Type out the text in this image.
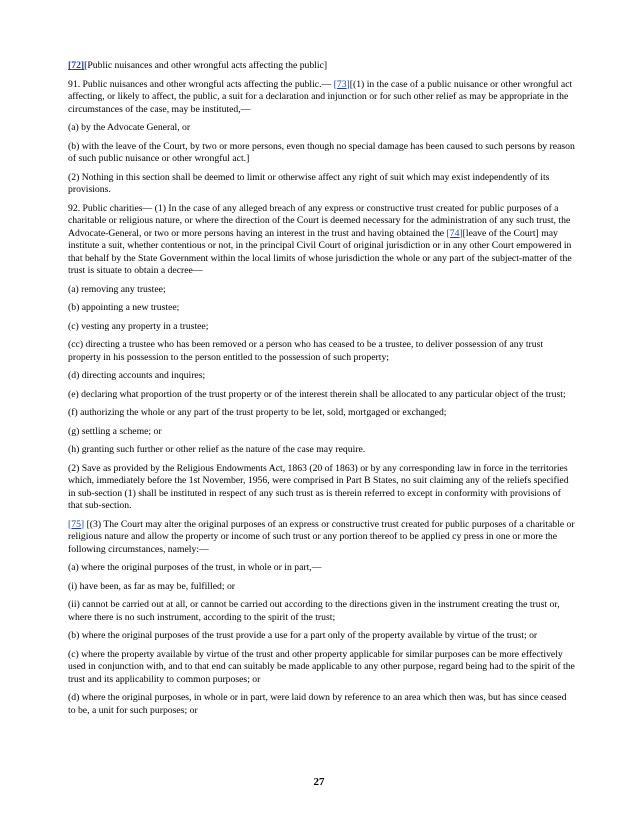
[72][Public nuisances and other wrongful acts affecting the public]

91. Public nuisances and other wrongful acts affecting the public.— [73][(1) in the case of a public nuisance or other wrongful act affecting, or likely to affect, the public, a suit for a declaration and injunction or for such other relief as may be appropriate in the circumstances of the case, may be instituted,—

(a) by the Advocate General, or

(b) with the leave of the Court, by two or more persons, even though no special damage has been caused to such persons by reason of such public nuisance or other wrongful act.]

(2) Nothing in this section shall be deemed to limit or otherwise affect any right of suit which may exist independently of its provisions.

92. Public charities— (1) In the case of any alleged breach of any express or constructive trust created for public purposes of a charitable or religious nature, or where the direction of the Court is deemed necessary for the administration of any such trust, the Advocate-General, or two or more persons having an interest in the trust and having obtained the [74][leave of the Court] may institute a suit, whether contentious or not, in the principal Civil Court of original jurisdiction or in any other Court empowered in that behalf by the State Government within the local limits of whose jurisdiction the whole or any part of the subject-matter of the trust is situate to obtain a decree—

(a) removing any trustee;

(b) appointing a new trustee;

(c) vesting any property in a trustee;

(cc) directing a trustee who has been removed or a person who has ceased to be a trustee, to deliver possession of any trust property in his possession to the person entitled to the possession of such property;

(d) directing accounts and inquires;

(e) declaring what proportion of the trust property or of the interest therein shall be allocated to any particular object of the trust;

(f) authorizing the whole or any part of the trust property to be let, sold, mortgaged or exchanged;

(g) settling a scheme; or

(h) granting such further or other relief as the nature of the case may require.

(2) Save as provided by the Religious Endowments Act, 1863 (20 of 1863) or by any corresponding law in force in the territories which, immediately before the 1st November, 1956, were comprised in Part B States, no suit claiming any of the reliefs specified in sub-section (1) shall be instituted in respect of any such trust as is therein referred to except in conformity with provisions of that sub-section.

[75] [(3) The Court may alter the original purposes of an express or constructive trust created for public purposes of a charitable or religious nature and allow the property or income of such trust or any portion thereof to be applied cy press in one or more the following circumstances, namely:—

(a) where the original purposes of the trust, in whole or in part,—

(i) have been, as far as may be, fulfilled; or

(ii) cannot be carried out at all, or cannot be carried out according to the directions given in the instrument creating the trust or, where there is no such instrument, according to the spirit of the trust;

(b) where the original purposes of the trust provide a use for a part only of the property available by virtue of the trust; or

(c) where the property available by virtue of the trust and other property applicable for similar purposes can be more effectively used in conjunction with, and to that end can suitably be made applicable to any other purpose, regard being had to the spirit of the trust and its applicability to common purposes; or

(d) where the original purposes, in whole or in part, were laid down by reference to an area which then was, but has since ceased to be, a unit for such purposes; or

27
